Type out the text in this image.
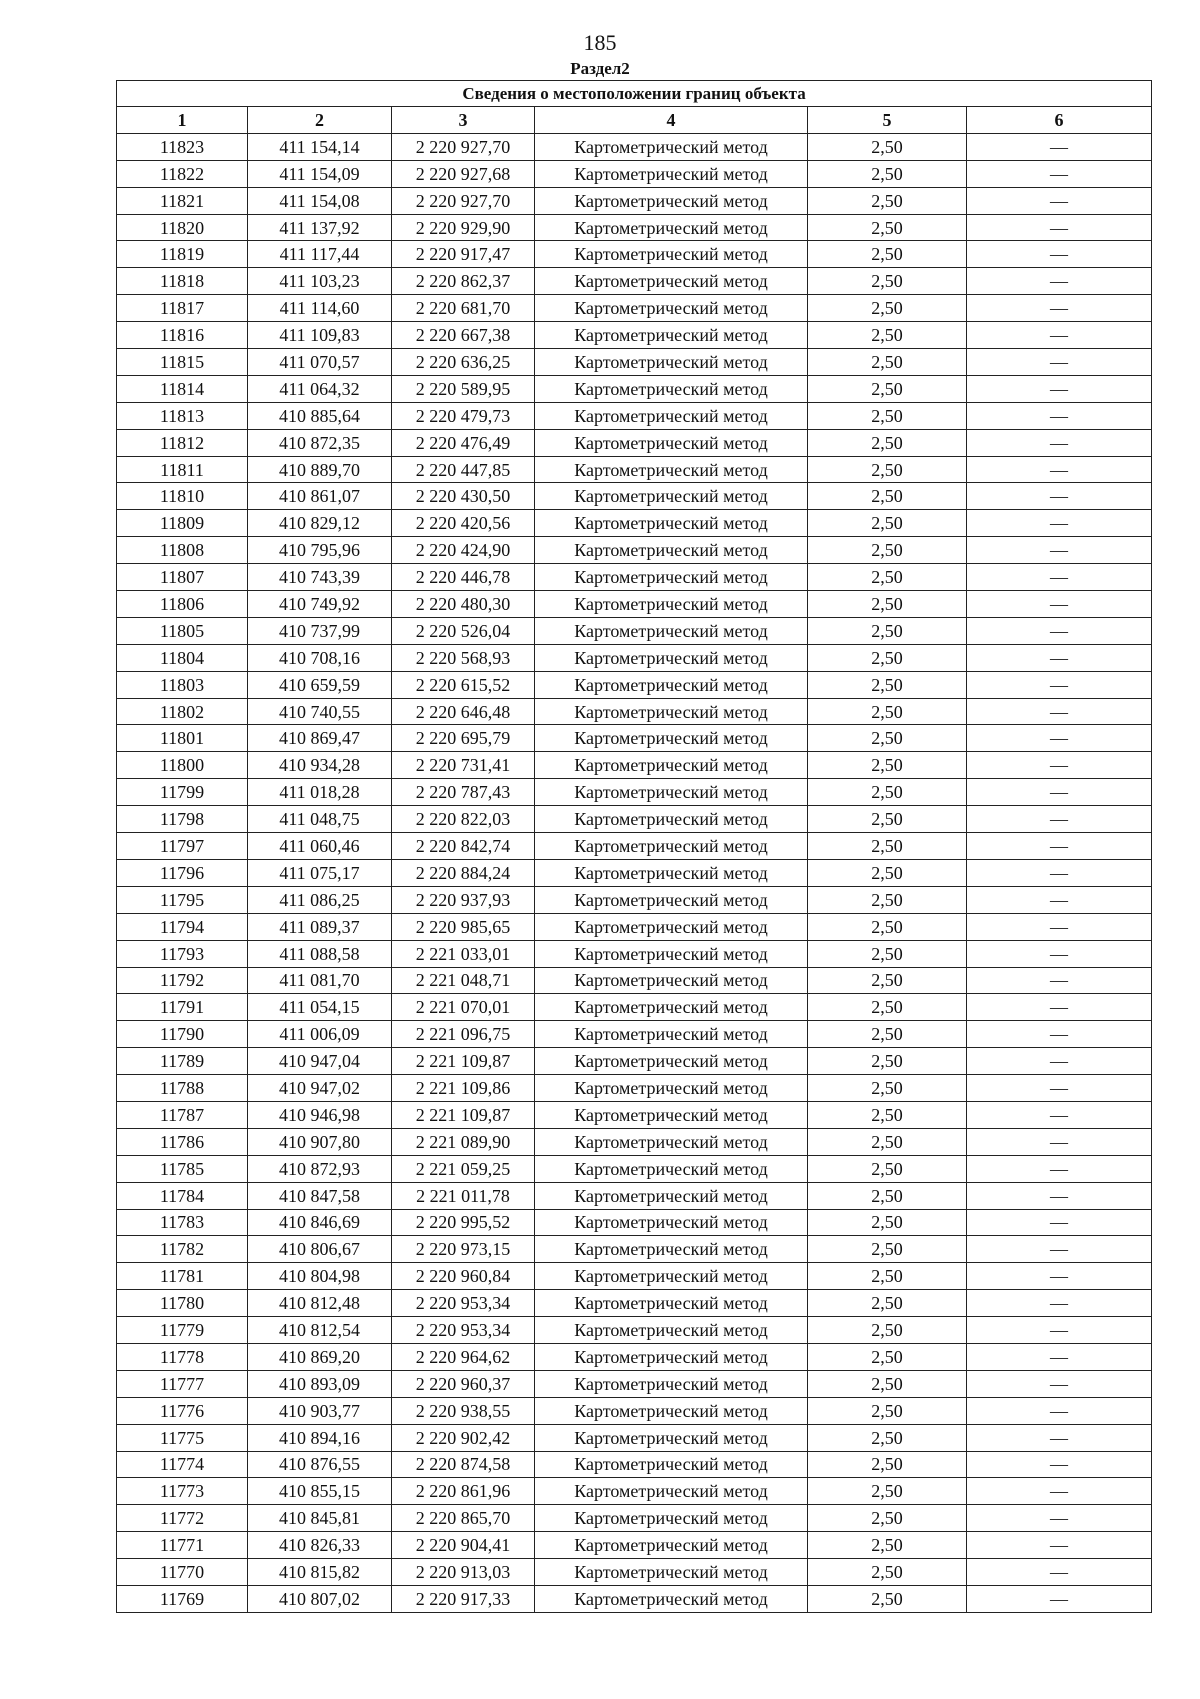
185
Раздел2
Сведения о местоположении границ объекта					
1	2	3	4	5	6
11823	411 154,14	2 220 927,70	Картометрический метод	2,50	—
11822	411 154,09	2 220 927,68	Картометрический метод	2,50	—
11821	411 154,08	2 220 927,70	Картометрический метод	2,50	—
11820	411 137,92	2 220 929,90	Картометрический метод	2,50	—
11819	411 117,44	2 220 917,47	Картометрический метод	2,50	—
11818	411 103,23	2 220 862,37	Картометрический метод	2,50	—
11817	411 114,60	2 220 681,70	Картометрический метод	2,50	—
11816	411 109,83	2 220 667,38	Картометрический метод	2,50	—
11815	411 070,57	2 220 636,25	Картометрический метод	2,50	—
11814	411 064,32	2 220 589,95	Картометрический метод	2,50	—
11813	410 885,64	2 220 479,73	Картометрический метод	2,50	—
11812	410 872,35	2 220 476,49	Картометрический метод	2,50	—
11811	410 889,70	2 220 447,85	Картометрический метод	2,50	—
11810	410 861,07	2 220 430,50	Картометрический метод	2,50	—
11809	410 829,12	2 220 420,56	Картометрический метод	2,50	—
11808	410 795,96	2 220 424,90	Картометрический метод	2,50	—
11807	410 743,39	2 220 446,78	Картометрический метод	2,50	—
11806	410 749,92	2 220 480,30	Картометрический метод	2,50	—
11805	410 737,99	2 220 526,04	Картометрический метод	2,50	—
11804	410 708,16	2 220 568,93	Картометрический метод	2,50	—
11803	410 659,59	2 220 615,52	Картометрический метод	2,50	—
11802	410 740,55	2 220 646,48	Картометрический метод	2,50	—
11801	410 869,47	2 220 695,79	Картометрический метод	2,50	—
11800	410 934,28	2 220 731,41	Картометрический метод	2,50	—
11799	411 018,28	2 220 787,43	Картометрический метод	2,50	—
11798	411 048,75	2 220 822,03	Картометрический метод	2,50	—
11797	411 060,46	2 220 842,74	Картометрический метод	2,50	—
11796	411 075,17	2 220 884,24	Картометрический метод	2,50	—
11795	411 086,25	2 220 937,93	Картометрический метод	2,50	—
11794	411 089,37	2 220 985,65	Картометрический метод	2,50	—
11793	411 088,58	2 221 033,01	Картометрический метод	2,50	—
11792	411 081,70	2 221 048,71	Картометрический метод	2,50	—
11791	411 054,15	2 221 070,01	Картометрический метод	2,50	—
11790	411 006,09	2 221 096,75	Картометрический метод	2,50	—
11789	410 947,04	2 221 109,87	Картометрический метод	2,50	—
11788	410 947,02	2 221 109,86	Картометрический метод	2,50	—
11787	410 946,98	2 221 109,87	Картометрический метод	2,50	—
11786	410 907,80	2 221 089,90	Картометрический метод	2,50	—
11785	410 872,93	2 221 059,25	Картометрический метод	2,50	—
11784	410 847,58	2 221 011,78	Картометрический метод	2,50	—
11783	410 846,69	2 220 995,52	Картометрический метод	2,50	—
11782	410 806,67	2 220 973,15	Картометрический метод	2,50	—
11781	410 804,98	2 220 960,84	Картометрический метод	2,50	—
11780	410 812,48	2 220 953,34	Картометрический метод	2,50	—
11779	410 812,54	2 220 953,34	Картометрический метод	2,50	—
11778	410 869,20	2 220 964,62	Картометрический метод	2,50	—
11777	410 893,09	2 220 960,37	Картометрический метод	2,50	—
11776	410 903,77	2 220 938,55	Картометрический метод	2,50	—
11775	410 894,16	2 220 902,42	Картометрический метод	2,50	—
11774	410 876,55	2 220 874,58	Картометрический метод	2,50	—
11773	410 855,15	2 220 861,96	Картометрический метод	2,50	—
11772	410 845,81	2 220 865,70	Картометрический метод	2,50	—
11771	410 826,33	2 220 904,41	Картометрический метод	2,50	—
11770	410 815,82	2 220 913,03	Картометрический метод	2,50	—
11769	410 807,02	2 220 917,33	Картометрический метод	2,50	—
